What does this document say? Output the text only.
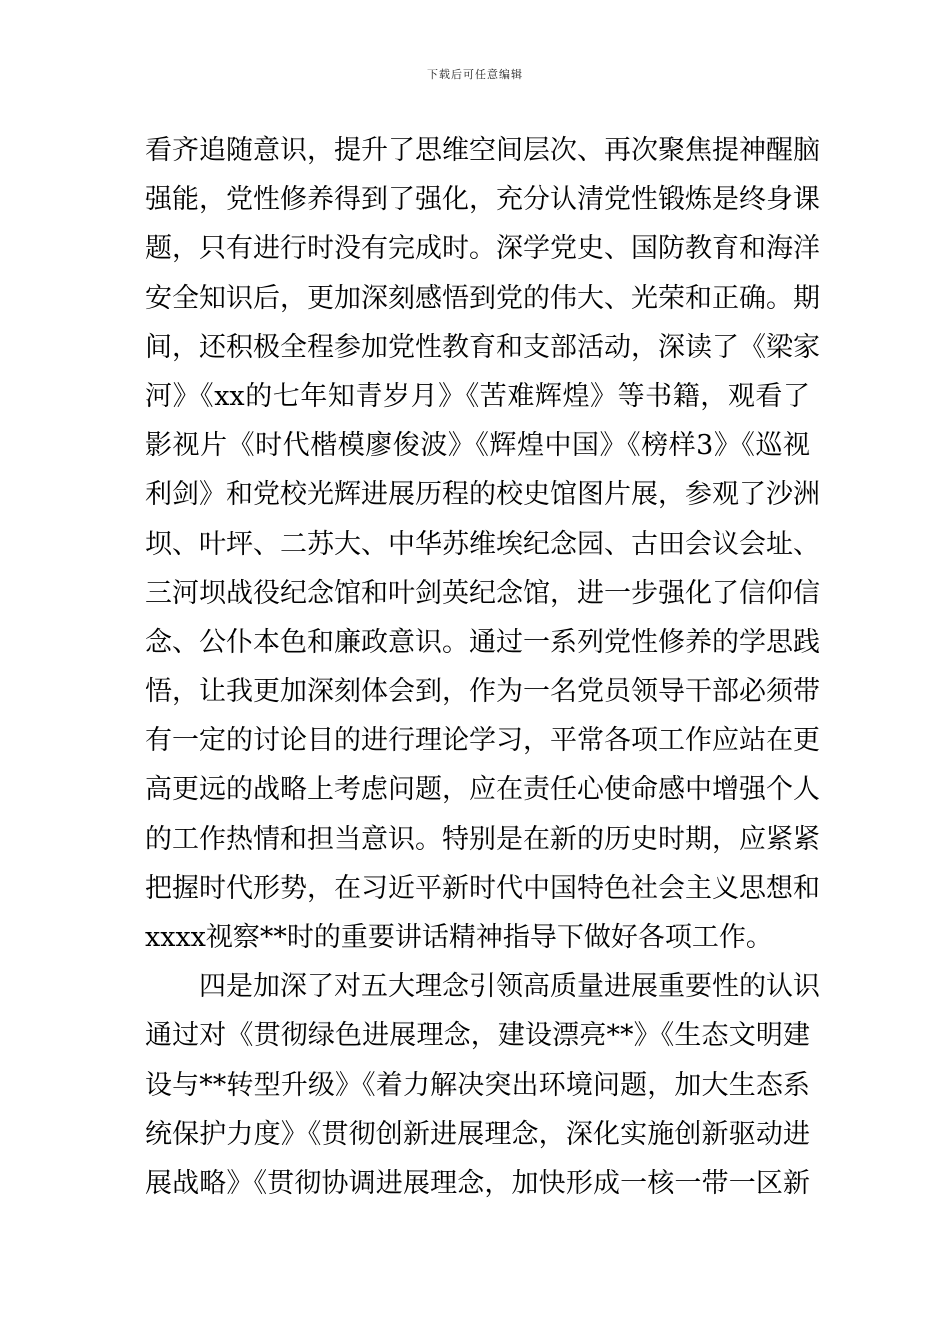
下载后可任意编辑
看齐追随意识，提升了思维空间层次、再次聚焦提神醒脑
强能，党性修养得到了强化，充分认清党性锻炼是终身课
题，只有进行时没有完成时。深学党史、国防教育和海洋
安全知识后，更加深刻感悟到党的伟大、光荣和正确。期
间，还积极全程参加党性教育和支部活动，深读了《梁家
河》《xx的七年知青岁月》《苦难辉煌》等书籍，观看了
影视片《时代楷模廖俊波》《辉煌中国》《榜样3》《巡视
利剑》和党校光辉进展历程的校史馆图片展，参观了沙洲
坝、叶坪、二苏大、中华苏维埃纪念园、古田会议会址、
三河坝战役纪念馆和叶剑英纪念馆，进一步强化了信仰信
念、公仆本色和廉政意识。通过一系列党性修养的学思践
悟，让我更加深刻体会到，作为一名党员领导干部必须带
有一定的讨论目的进行理论学习，平常各项工作应站在更
高更远的战略上考虑问题，应在责任心使命感中增强个人
的工作热情和担当意识。特别是在新的历史时期，应紧紧
把握时代形势，在习近平新时代中国特色社会主义思想和
xxxx视察**时的重要讲话精神指导下做好各项工作。
四是加深了对五大理念引领高质量进展重要性的认识
通过对《贯彻绿色进展理念，建设漂亮**》《生态文明建
设与**转型升级》《着力解决突出环境问题，加大生态系
统保护力度》《贯彻创新进展理念，深化实施创新驱动进
展战略》《贯彻协调进展理念，加快形成一核一带一区新
